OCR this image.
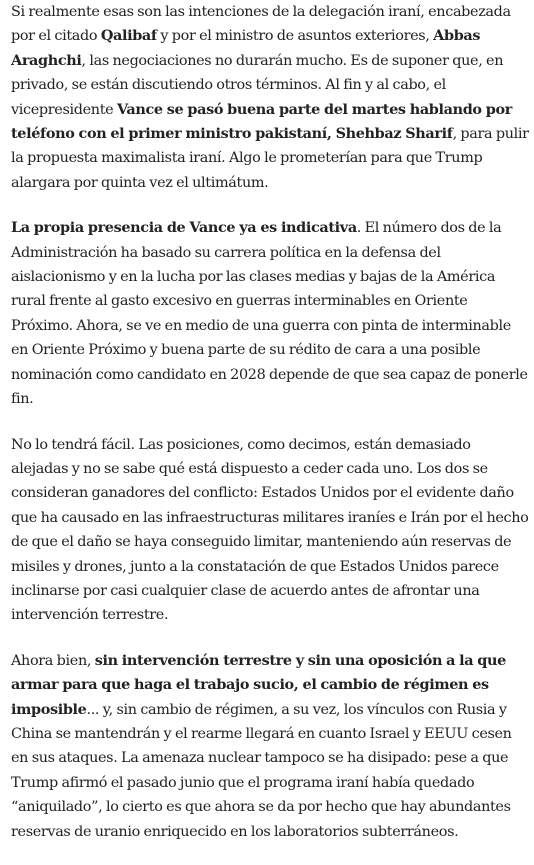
Si realmente esas son las intenciones de la delegación iraní, encabezada por el citado Qalibaf y por el ministro de asuntos exteriores, Abbas Araghchi, las negociaciones no durarán mucho. Es de suponer que, en privado, se están discutiendo otros términos. Al fin y al cabo, el vicepresidente Vance se pasó buena parte del martes hablando por teléfono con el primer ministro pakistaní, Shehbaz Sharif, para pulir la propuesta maximalista iraní. Algo le prometerían para que Trump alargara por quinta vez el ultimátum.

La propia presencia de Vance ya es indicativa. El número dos de la Administración ha basado su carrera política en la defensa del aislacionismo y en la lucha por las clases medias y bajas de la América rural frente al gasto excesivo en guerras interminables en Oriente Próximo. Ahora, se ve en medio de una guerra con pinta de interminable en Oriente Próximo y buena parte de su rédito de cara a una posible nominación como candidato en 2028 depende de que sea capaz de ponerle fin.

No lo tendrá fácil. Las posiciones, como decimos, están demasiado alejadas y no se sabe qué está dispuesto a ceder cada uno. Los dos se consideran ganadores del conflicto: Estados Unidos por el evidente daño que ha causado en las infraestructuras militares iraníes e Irán por el hecho de que el daño se haya conseguido limitar, manteniendo aún reservas de misiles y drones, junto a la constatación de que Estados Unidos parece inclinarse por casi cualquier clase de acuerdo antes de afrontar una intervención terrestre.

Ahora bien, sin intervención terrestre y sin una oposición a la que armar para que haga el trabajo sucio, el cambio de régimen es imposible... y, sin cambio de régimen, a su vez, los vínculos con Rusia y China se mantendrán y el rearme llegará en cuanto Israel y EEUU cesen en sus ataques. La amenaza nuclear tampoco se ha disipado: pese a que Trump afirmó el pasado junio que el programa iraní había quedado “aniquilado”, lo cierto es que ahora se da por hecho que hay abundantes reservas de uranio enriquecido en los laboratorios subterráneos.
